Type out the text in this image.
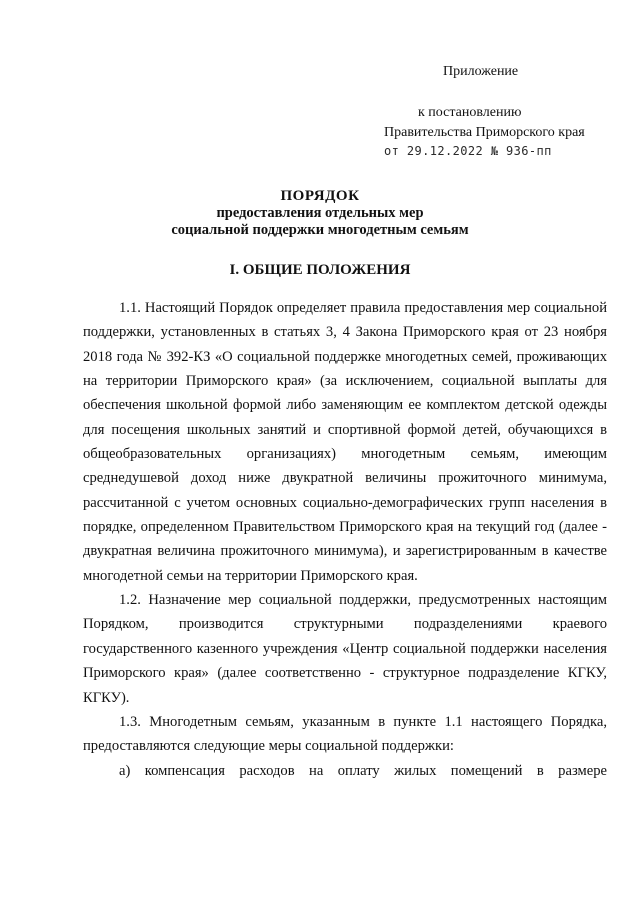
Приложение
к постановлению
Правительства Приморского края
от 29.12.2022 № 936-пп
ПОРЯДОК
предоставления отдельных мер
социальной поддержки многодетным семьям
I. ОБЩИЕ ПОЛОЖЕНИЯ

1.1. Настоящий Порядок определяет правила предоставления мер социальной поддержки, установленных в статьях 3, 4 Закона Приморского края от 23 ноября 2018 года № 392-КЗ «О социальной поддержке многодетных семей, проживающих на территории Приморского края» (за исключением, социальной выплаты для обеспечения школьной формой либо заменяющим ее комплектом детской одежды для посещения школьных занятий и спортивной формой детей, обучающихся в общеобразовательных организациях) многодетным семьям, имеющим среднедушевой доход ниже двукратной величины прожиточного минимума, рассчитанной с учетом основных социально-демографических групп населения в порядке, определенном Правительством Приморского края на текущий год (далее - двукратная величина прожиточного минимума), и зарегистрированным в качестве многодетной семьи на территории Приморского края.

1.2. Назначение мер социальной поддержки, предусмотренных настоящим Порядком, производится структурными подразделениями краевого государственного казенного учреждения «Центр социальной поддержки населения Приморского края» (далее соответственно - структурное подразделение КГКУ, КГКУ).

1.3. Многодетным семьям, указанным в пункте 1.1 настоящего Порядка, предоставляются следующие меры социальной поддержки:

а) компенсация расходов на оплату жилых помещений в размере
